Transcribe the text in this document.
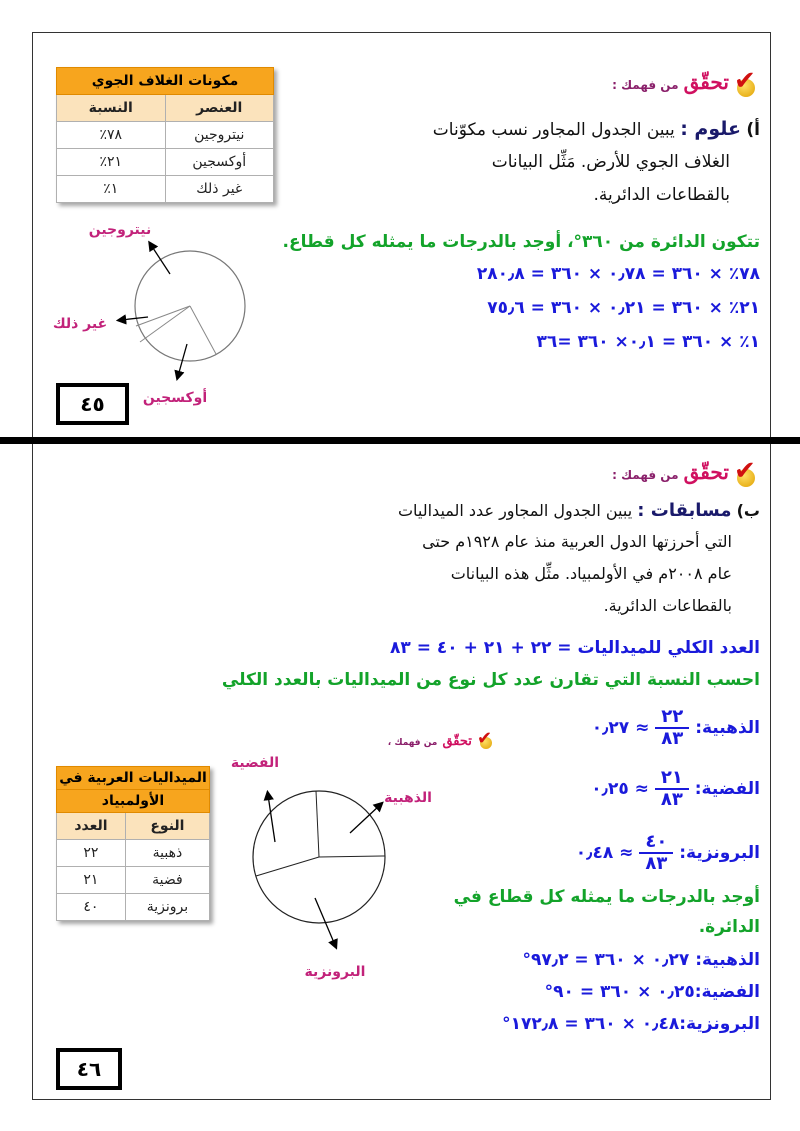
✔
تحقّق من فهمك :
أ) علوم : يبين الجدول المجاور نسب مكوّنات
الغلاف الجوي للأرض. مَثِّل البيانات
بالقطاعات الدائرية.
تتكون الدائرة من ٣٦٠°، أوجد بالدرجات ما يمثله كل قطاع.
٧٨٪ × ٣٦٠ = ٠٫٧٨ × ٣٦٠ = ٢٨٠٫٨
٢١٪ × ٣٦٠ = ٠٫٢١ × ٣٦٠ = ٧٥٫٦
١٪ × ٣٦٠ = ٠٫١× ٣٦٠ =٣٦
مكونات الغلاف الجوي	
العنصر	النسبة
نيتروجين	٧٨٪
أوكسجين	٢١٪
غير ذلك	١٪
نيتروجين
غير ذلك
أوكسجين
٤٥
✔
تحقّق من فهمك :
ب) مسابقات : يبين الجدول المجاور عدد الميداليات
التي أحرزتها الدول العربية منذ عام ١٩٢٨م حتى
عام ٢٠٠٨م في الأولمبياد. مثِّل هذه البيانات
بالقطاعات الدائرية.
العدد الكلي للميداليات = ٢٢ + ٢١ + ٤٠ = ٨٣
احسب النسبة التي تقارن عدد كل نوع من الميداليات بالعدد الكلي
✔
تحقّق من فهمك ،
الذهبية:
$\frac{٢٢}{٨٣}$
≈ ٠٫٢٧
الفضية:
$\frac{٢١}{٨٣}$
≈ ٠٫٢٥
البرونزية:
$\frac{٤٠}{٨٣}$
≈ ٠٫٤٨
أوجد بالدرجات ما يمثله كل قطاع في
الدائرة.
الذهبية: ٠٫٢٧ × ٣٦٠ = ٩٧٫٢°
الفضية:٠٫٢٥ × ٣٦٠ = ٩٠°
البرونزية:٠٫٤٨ × ٣٦٠ = ١٧٢٫٨°
الميداليات العربية في	
الأولمبياد	
النوع	العدد
ذهبية	٢٢
فضية	٢١
برونزية	٤٠
الفضية
الذهبية
البرونزية
٤٦
